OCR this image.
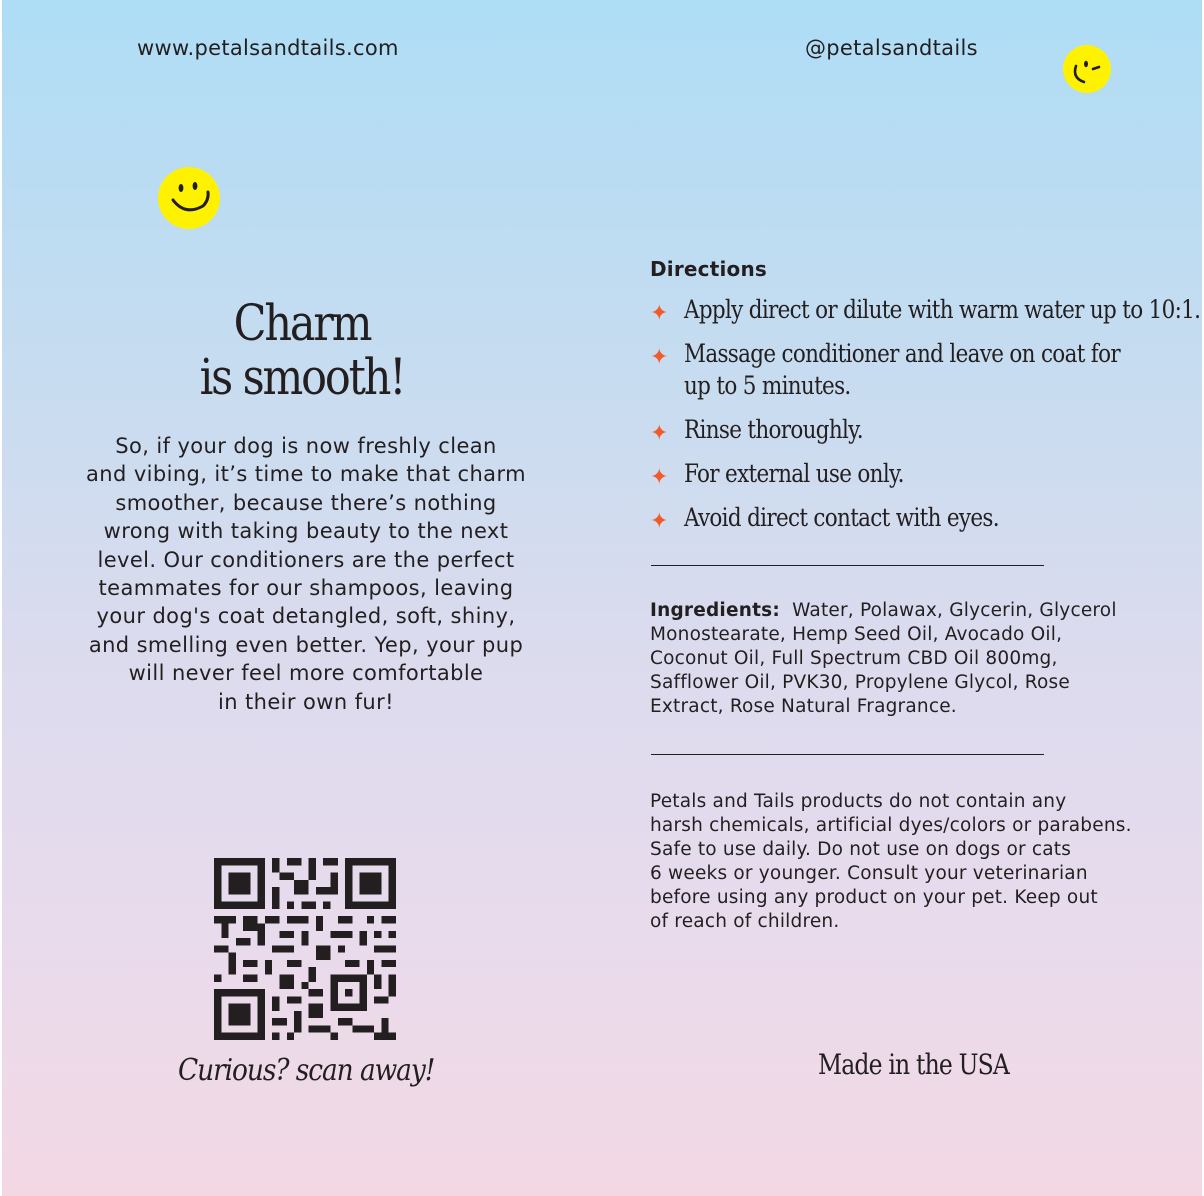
www.petalsandtails.com	@petalsandtails
Charm
is smooth!
So, if your dog is now freshly clean
and vibing, it’s time to make that charm
smoother, because there’s nothing
wrong with taking beauty to the next
level. Our conditioners are the perfect
teammates for our shampoos, leaving
your dog's coat detangled, soft, shiny,
and smelling even better. Yep, your pup
will never feel more comfortable
in their own fur!
Curious? scan away!
Directions
✦ Apply direct or dilute with warm water up to 10:1.
✦ Massage conditioner and leave on coat for
up to 5 minutes.
✦ Rinse thoroughly.
✦ For external use only.
✦ Avoid direct contact with eyes.
Ingredients: Water, Polawax, Glycerin, Glycerol
Monostearate, Hemp Seed Oil, Avocado Oil,
Coconut Oil, Full Spectrum CBD Oil 800mg,
Safflower Oil, PVK30, Propylene Glycol, Rose
Extract, Rose Natural Fragrance.
Petals and Tails products do not contain any
harsh chemicals, artificial dyes/colors or parabens.
Safe to use daily. Do not use on dogs or cats
6 weeks or younger. Consult your veterinarian
before using any product on your pet. Keep out
of reach of children.
Made in the USA
